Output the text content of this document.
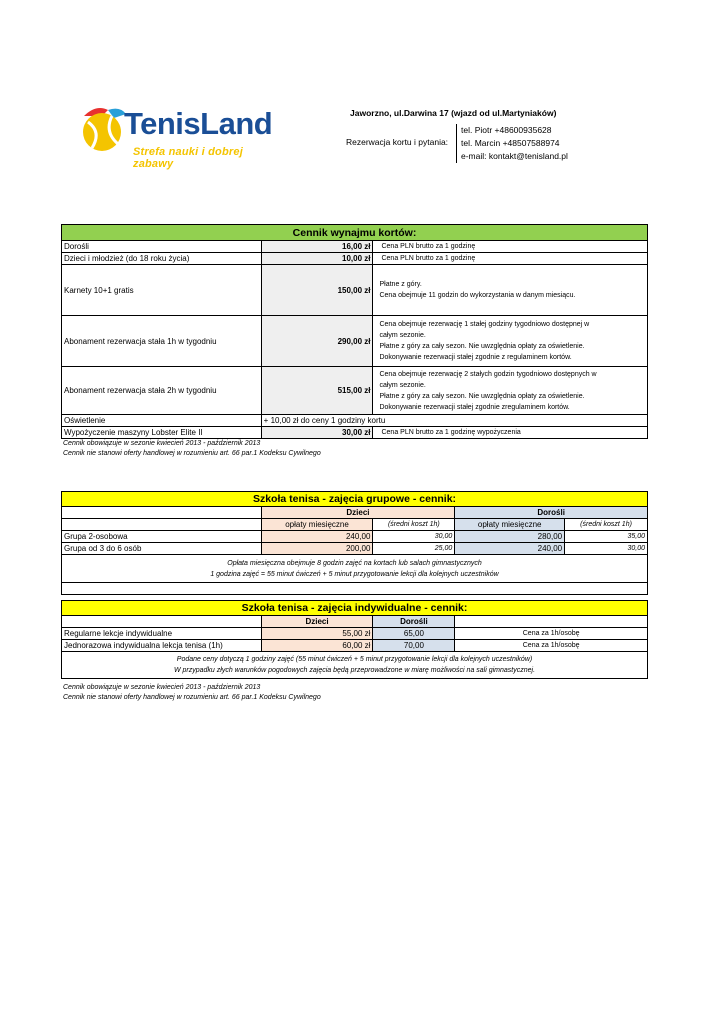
TenisLand
Strefa nauki i dobrej zabawy
Jaworzno, ul.Darwina 17 (wjazd od ul.Martyniaków)
Rezerwacja kortu i pytania:
tel. Piotr +48600935628
tel. Marcin +48507588974
e-mail: kontakt@tenisland.pl
Cennik wynajmu kortów:		
Dorośli	16,00 zł	Cena PLN brutto za 1 godzinę
Dzieci i młodzież (do 18 roku życia)	10,00 zł	Cena PLN brutto za 1 godzinę
Karnety 10+1 gratis	150,00 zł	Płatne z góry.
Cena obejmuje 11 godzin do wykorzystania w danym miesiącu.

Abonament rezerwacja stała 1h w tygodniu	290,00 zł	Cena obejmuje rezerwację 1 stałej godziny tygodniowo dostępnej w
całym sezonie.
Płatne z góry za cały sezon. Nie uwzględnia opłaty za oświetlenie.
Dokonywanie rezerwacji stałej zgodnie z regulaminem kortów.

Abonament rezerwacja stała 2h w tygodniu	515,00 zł	Cena obejmuje rezerwację 2 stałych godzin tygodniowo dostępnych w
całym sezonie.
Płatne z góry za cały sezon. Nie uwzględnia opłaty za oświetlenie.
Dokonywanie rezerwacji stałej zgodnie zregulaminem kortów.

Oświetlenie	+ 10,00 zł do ceny 1 godziny kortu	
Wypożyczenie maszyny Lobster Elite II	30,00 zł	Cena PLN brutto za 1 godzinę wypożyczenia
Cennik obowiązuje w sezonie kwiecień 2013 - październik 2013
Cennik nie stanowi oferty handlowej w rozumieniu art. 66 par.1 Kodeksu Cywilnego
Szkoła tenisa - zajęcia grupowe - cennik:				
	Dzieci		Dorośli	
	opłaty miesięczne	(średni koszt 1h)	opłaty miesięczne	(średni koszt 1h)
Grupa 2-osobowa	240,00	30,00	280,00	35,00
Grupa od 3 do 6 osób	200,00	25,00	240,00	30,00

Opłata miesięczna obejmuje 8 godzin zajęć na kortach lub salach gimnastycznych
1 godzina zajęć = 55 minut ćwiczeń + 5 minut przygotowanie lekcji dla kolejnych uczestników				

Szkoła tenisa - zajęcia indywidualne - cennik:			
	Dzieci	Dorośli	
Regularne lekcje indywidualne	55,00 zł	65,00	Cena za 1h/osobę
Jednorazowa indywidualna lekcja tenisa (1h)	60,00 zł	70,00	Cena za 1h/osobę

Podane ceny dotyczą 1 godziny zajęć (55 minut ćwiczeń + 5 minut przygotowanie lekcji dla kolejnych uczestników)
W przypadku złych warunków pogodowych zajęcia będą przeprowadzone w miarę możliwości na sali gimnastycznej.			
Cennik obowiązuje w sezonie kwiecień 2013 - październik 2013
Cennik nie stanowi oferty handlowej w rozumieniu art. 66 par.1 Kodeksu Cywilnego
